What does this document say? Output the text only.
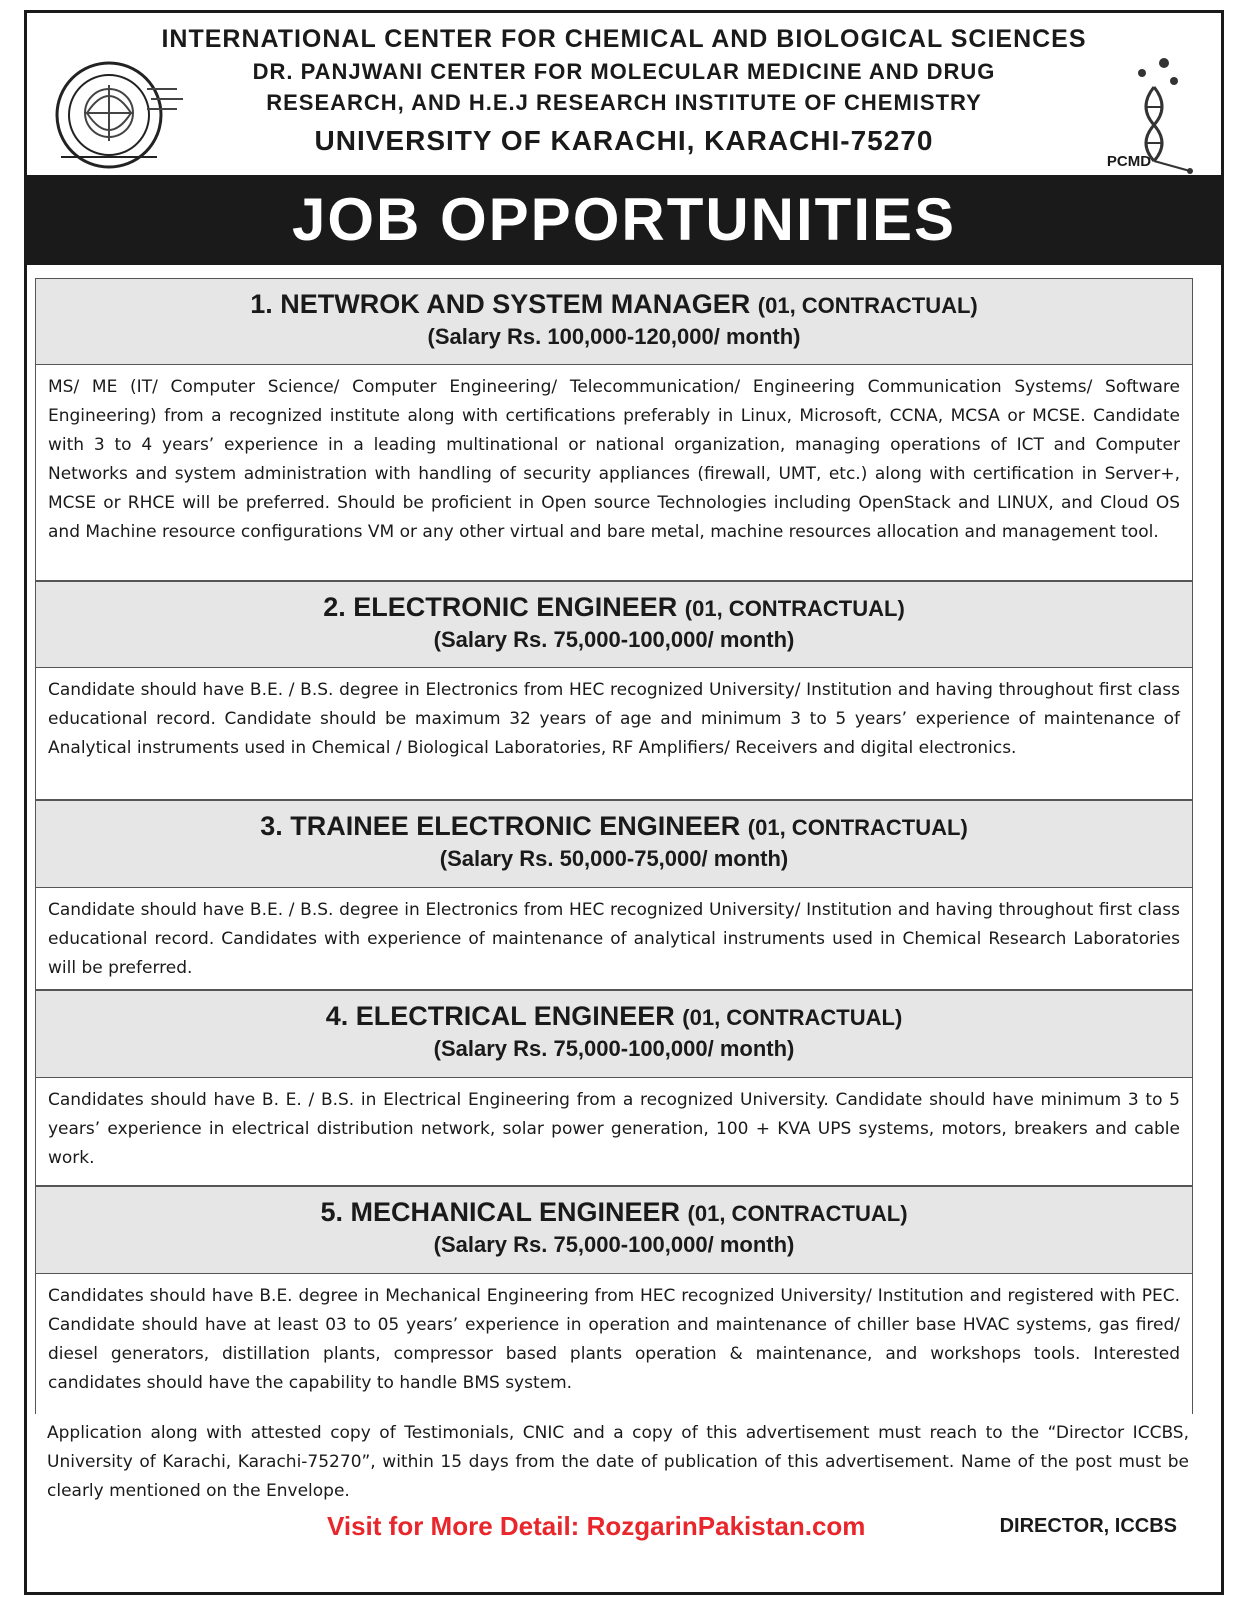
PCMD
INTERNATIONAL CENTER FOR CHEMICAL AND BIOLOGICAL SCIENCES
DR. PANJWANI CENTER FOR MOLECULAR MEDICINE AND DRUG
RESEARCH, AND H.E.J RESEARCH INSTITUTE OF CHEMISTRY
UNIVERSITY OF KARACHI, KARACHI-75270
JOB OPPORTUNITIES
1. NETWROK AND SYSTEM MANAGER (01, CONTRACTUAL)
(Salary Rs. 100,000-120,000/ month)
MS/ ME (IT/ Computer Science/ Computer Engineering/ Telecommunication/ Engineering Communication Systems/ Software Engineering) from a recognized institute along with certifications preferably in Linux, Microsoft, CCNA, MCSA or MCSE. Candidate with 3 to 4 years’ experience in a leading multinational or national organization, managing operations of ICT and Computer Networks and system administration with handling of security appliances (firewall, UMT, etc.) along with certification in Server+, MCSE or RHCE will be preferred. Should be proficient in Open source Technologies including OpenStack and LINUX, and Cloud OS and Machine resource configurations VM or any other virtual and bare metal, machine resources allocation and management tool.
2. ELECTRONIC ENGINEER (01, CONTRACTUAL)
(Salary Rs. 75,000-100,000/ month)
Candidate should have B.E. / B.S. degree in Electronics from HEC recognized University/ Institution and having throughout first class educational record. Candidate should be maximum 32 years of age and minimum 3 to 5 years’ experience of maintenance of Analytical instruments used in Chemical / Biological Laboratories, RF Amplifiers/ Receivers and digital electronics.
3. TRAINEE ELECTRONIC ENGINEER (01, CONTRACTUAL)
(Salary Rs. 50,000-75,000/ month)
Candidate should have B.E. / B.S. degree in Electronics from HEC recognized University/ Institution and having throughout first class educational record. Candidates with experience of maintenance of analytical instruments used in Chemical Research Laboratories will be preferred.
4. ELECTRICAL ENGINEER (01, CONTRACTUAL)
(Salary Rs. 75,000-100,000/ month)
Candidates should have B. E. / B.S. in Electrical Engineering from a recognized University. Candidate should have minimum 3 to 5 years’ experience in electrical distribution network, solar power generation, 100 + KVA UPS systems, motors, breakers and cable work.
5. MECHANICAL ENGINEER (01, CONTRACTUAL)
(Salary Rs. 75,000-100,000/ month)
Candidates should have B.E. degree in Mechanical Engineering from HEC recognized University/ Institution and registered with PEC. Candidate should have at least 03 to 05 years’ experience in operation and maintenance of chiller base HVAC systems, gas fired/ diesel generators, distillation plants, compressor based plants operation & maintenance, and workshops tools. Interested candidates should have the capability to handle BMS system.
Application along with attested copy of Testimonials, CNIC and a copy of this advertisement must reach to the “Director ICCBS, University of Karachi, Karachi-75270”, within 15 days from the date of publication of this advertisement. Name of the post must be clearly mentioned on the Envelope.
Visit for More Detail: RozgarinPakistan.com	DIRECTOR, ICCBS
